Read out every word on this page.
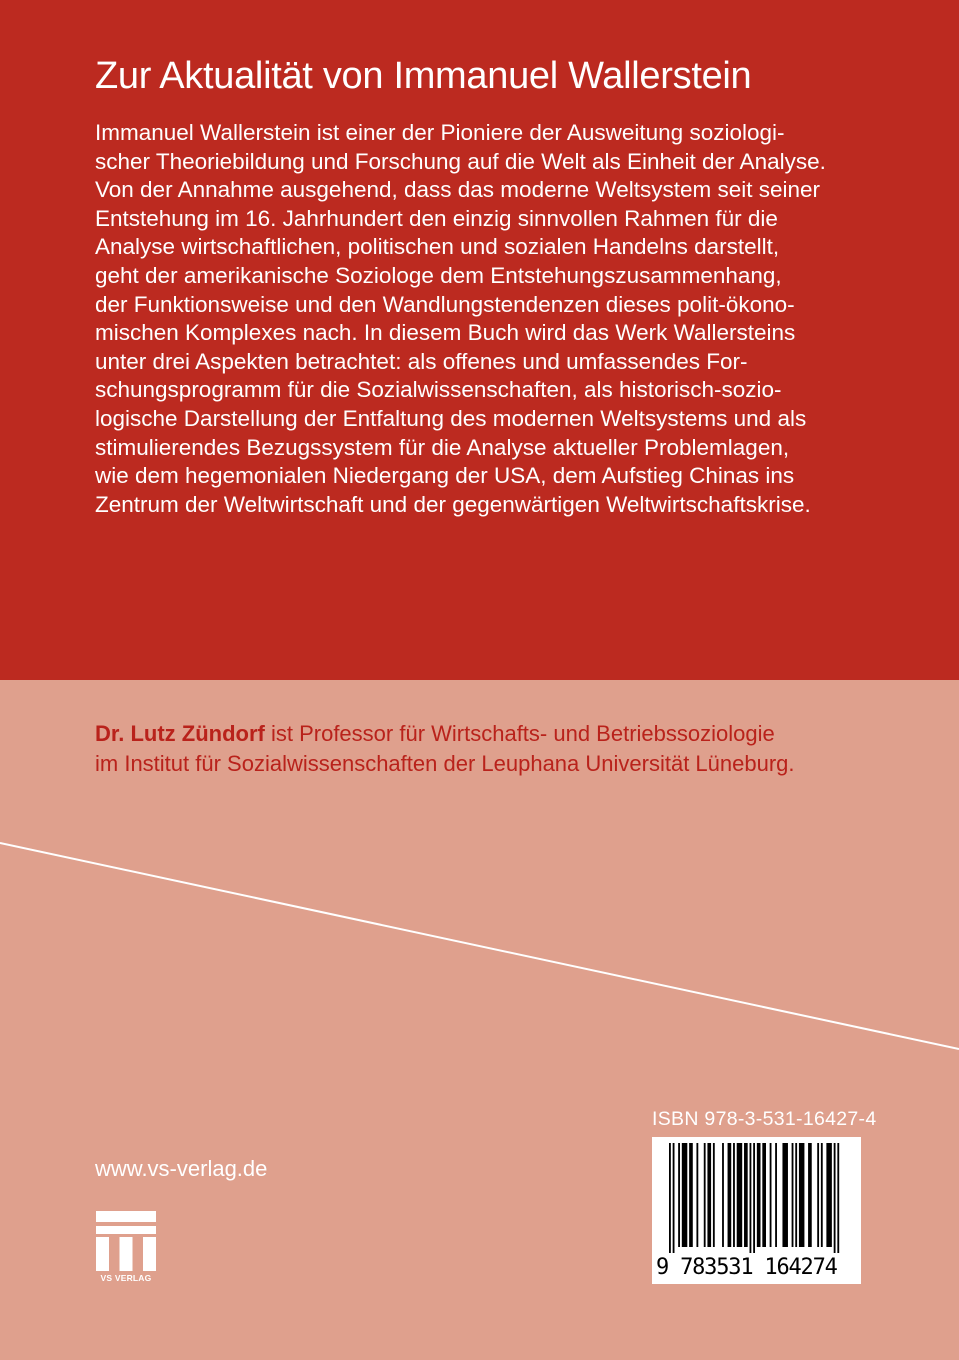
Zur Aktualität von Immanuel Wallerstein
Immanuel Wallerstein ist einer der Pioniere der Ausweitung soziologi-
scher Theoriebildung und Forschung auf die Welt als Einheit der Analyse.
Von der Annahme ausgehend, dass das moderne Weltsystem seit seiner
Entstehung im 16. Jahrhundert den einzig sinnvollen Rahmen für die
Analyse wirtschaftlichen, politischen und sozialen Handelns darstellt,
geht der amerikanische Soziologe dem Entstehungszusammenhang,
der Funktionsweise und den Wandlungstendenzen dieses polit-ökono-
mischen Komplexes nach. In diesem Buch wird das Werk Wallersteins
unter drei Aspekten betrachtet: als offenes und umfassendes For-
schungsprogramm für die Sozialwissenschaften, als historisch-sozio-
logische Darstellung der Entfaltung des modernen Weltsystems und als
stimulierendes Bezugssystem für die Analyse aktueller Problemlagen,
wie dem hegemonialen Niedergang der USA, dem Aufstieg Chinas ins
Zentrum der Weltwirtschaft und der gegenwärtigen Weltwirtschaftskrise.
Dr. Lutz Zündorf ist Professor für Wirtschafts- und Betriebssoziologie
im Institut für Sozialwissenschaften der Leuphana Universität Lüneburg.
www.vs-verlag.de
VS VERLAG
ISBN 978-3-531-16427-4
9 783531 164274
